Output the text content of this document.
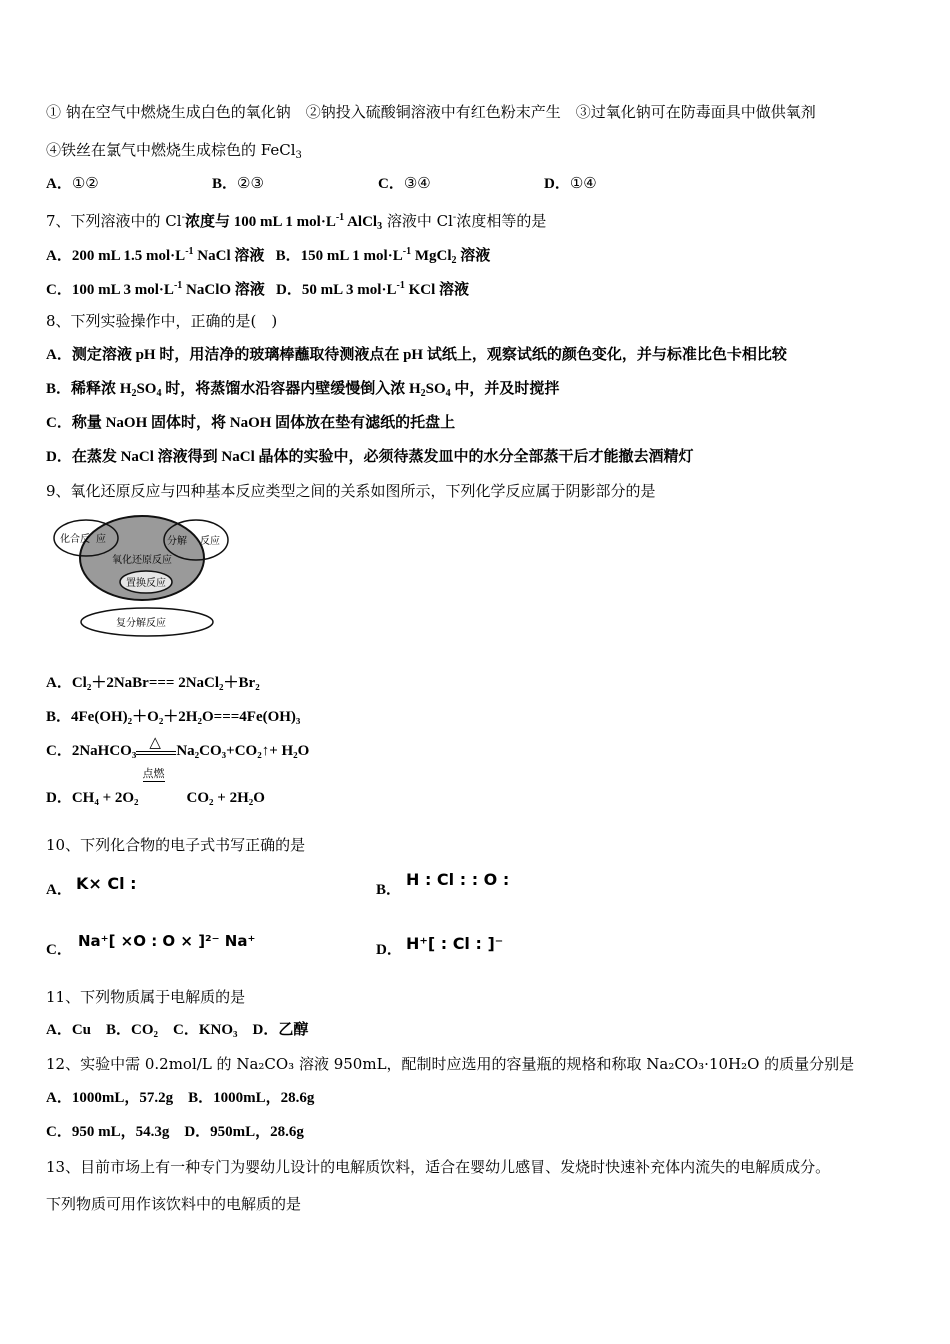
① 钠在空气中燃烧生成白色的氧化钠　②钠投入硫酸铜溶液中有红色粉末产生　③过氧化钠可在防毒面具中做供氧剂
④铁丝在氯气中燃烧生成棕色的 FeCl$_3$
A．①②	B．②③	C．③④	D．①④
7、下列溶液中的 Cl-浓度与 100 mL 1 $mol\cdot L^{-1}$ AlCl$_3$ 溶液中 Cl-浓度相等的是
A．200 mL 1.5 $mol\cdot L^{-1}$ NaCl 溶液 B．150 mL 1 $mol\cdot L^{-1}$ MgCl$_2$ 溶液
C．100 mL 3 $mol\cdot L^{-1}$ NaClO 溶液 D．50 mL 3 $mol\cdot L^{-1}$ KCl 溶液
8、下列实验操作中，正确的是(　)
A．测定溶液 pH 时，用洁净的玻璃棒蘸取待测液点在 pH 试纸上，观察试纸的颜色变化，并与标准比色卡相比较
B．稀释浓 $H_2SO_4$ 时，将蒸馏水沿容器内壁缓慢倒入浓 $H_2SO_4$ 中，并及时搅拌
C．称量 NaOH 固体时，将 NaOH 固体放在垫有滤纸的托盘上
D．在蒸发 NaCl 溶液得到 NaCl 晶体的实验中，必须待蒸发皿中的水分全部蒸干后才能撤去酒精灯
9、氧化还原反应与四种基本反应类型之间的关系如图所示，下列化学反应属于阴影部分的是
化合反 应	分解 反应
氧化还原反应
置换反应
复分解反应
A．Cl₂＋2NaBr=== 2NaCl₂＋Br₂
B．4Fe(OH)₂＋O₂＋2H₂O===4Fe(OH)₃
C．2NaHCO₃
△
Na₂CO₃+CO₂↑+ H₂O
D．CH₄ + 2O₂
点燃
CO₂ + 2H₂O
10、下列化合物的电子式书写正确的是
A． K× Cl :	B．
H : Cl : : O :
C． Na⁺[ ×O : O × ]²⁻ Na⁺	D． H⁺[ : Cl : ]⁻
11、下列物质属于电解质的是
A．Cu　B．CO₂　C．KNO₃　D．乙醇
12、实验中需 0.2mol/L 的 Na₂CO₃ 溶液 950mL，配制时应选用的容量瓶的规格和称取 Na₂CO₃·10H₂O 的质量分别是
A．1000mL，57.2g　B．1000mL，28.6g
C．950 mL，54.3g　D．950mL，28.6g
13、目前市场上有一种专门为婴幼儿设计的电解质饮料，适合在婴幼儿感冒、发烧时快速补充体内流失的电解质成分。
下列物质可用作该饮料中的电解质的是
